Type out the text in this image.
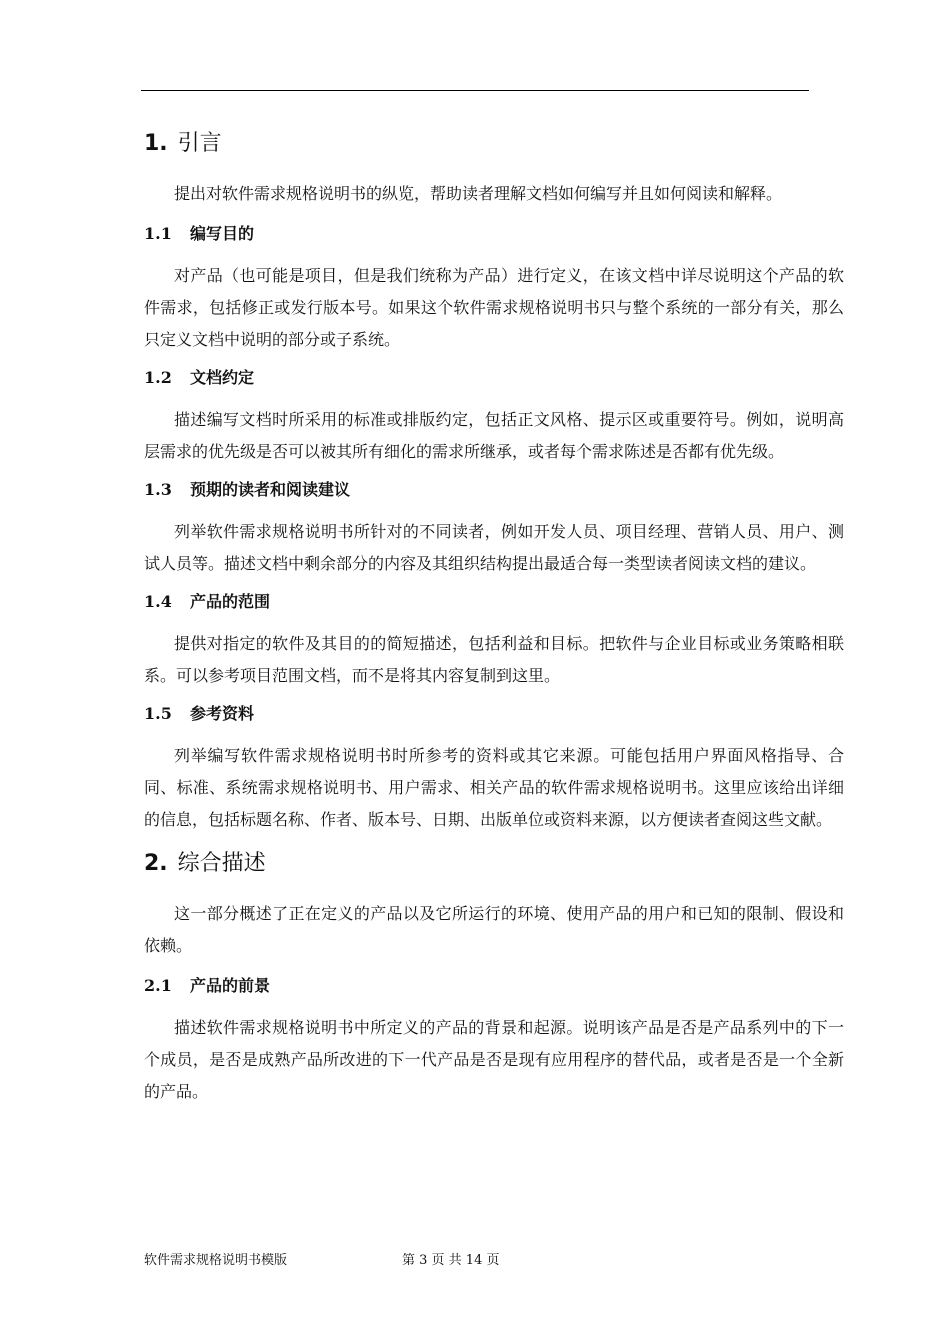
1. 引言

提出对软件需求规格说明书的纵览，帮助读者理解文档如何编写并且如何阅读和解释。

1.1 编写目的

对产品（也可能是项目，但是我们统称为产品）进行定义，在该文档中详尽说明这个产品的软件需求，包括修正或发行版本号。如果这个软件需求规格说明书只与整个系统的一部分有关，那么只定义文档中说明的部分或子系统。

1.2 文档约定

描述编写文档时所采用的标准或排版约定，包括正文风格、提示区或重要符号。例如，说明高层需求的优先级是否可以被其所有细化的需求所继承，或者每个需求陈述是否都有优先级。

1.3 预期的读者和阅读建议

列举软件需求规格说明书所针对的不同读者，例如开发人员、项目经理、营销人员、用户、测试人员等。描述文档中剩余部分的内容及其组织结构提出最适合每一类型读者阅读文档的建议。

1.4 产品的范围

提供对指定的软件及其目的的简短描述，包括利益和目标。把软件与企业目标或业务策略相联系。可以参考项目范围文档，而不是将其内容复制到这里。

1.5 参考资料

列举编写软件需求规格说明书时所参考的资料或其它来源。可能包括用户界面风格指导、合同、标准、系统需求规格说明书、用户需求、相关产品的软件需求规格说明书。这里应该给出详细的信息，包括标题名称、作者、版本号、日期、出版单位或资料来源，以方便读者查阅这些文献。

2. 综合描述

这一部分概述了正在定义的产品以及它所运行的环境、使用产品的用户和已知的限制、假设和依赖。

2.1 产品的前景

描述软件需求规格说明书中所定义的产品的背景和起源。说明该产品是否是产品系列中的下一个成员，是否是成熟产品所改进的下一代产品是否是现有应用程序的替代品，或者是否是一个全新的产品。

软件需求规格说明书模版	第 3 页 共 14 页
